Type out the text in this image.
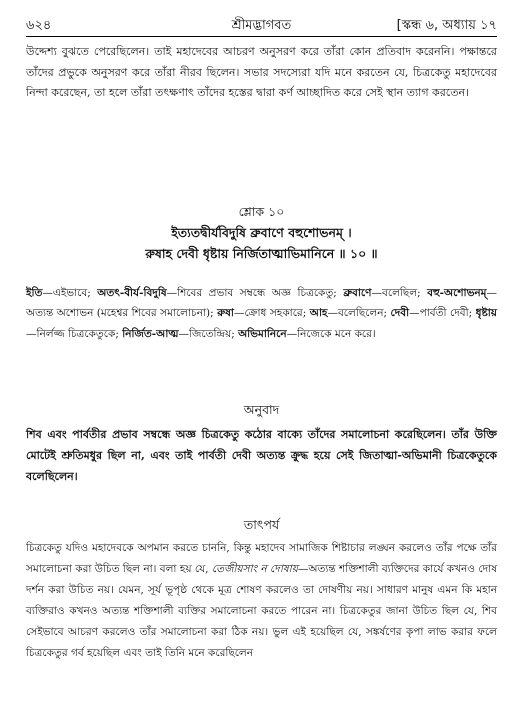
৬২৪	শ্রীমদ্ভাগবত	[স্কন্ধ ৬, অধ্যায় ১৭

উদ্দেশ্য বুঝতে পেরেছিলেন। তাই মহাদেবের আচরণ অনুসরণ করে তাঁরা কোন প্রতিবাদ করেননি। পক্ষান্তরে তাঁদের প্রভুকে অনুসরণ করে তাঁরা নীরব ছিলেন। সভার সদস্যেরা যদি মনে করতেন যে, চিত্রকেতু মহাদেবের নিন্দা করেছেন, তা হলে তাঁরা তৎক্ষণাৎ তাঁদের হস্তের দ্বারা কর্ণ আচ্ছাদিত করে সেই স্থান ত্যাগ করতেন।

শ্লোক ১০
ইত্যতদ্বীর্যবিদুষি ব্রুবাণে বহুশোভনম্ ।
রুষাহ দেবী ধৃষ্টায় নির্জিতাত্মাভিমানিনে ॥ ১০ ॥

ইতি—এইভাবে; অতৎ-বীর্য-বিদুষি—শিবের প্রভাব সম্বন্ধে অজ্ঞ চিত্রকেতু; ব্রুবাণে—বলেছিল; বহু-অশোভনম্—অত্যন্ত অশোভন (মহেশ্বর শিবের সমালোচনা); রুষা—ক্রোধ সহকারে; আহ—বলেছিলেন; দেবী—পার্বতী দেবী; ধৃষ্টায়—নির্লজ্জ চিত্রকেতুকে; নির্জিত-আত্ম—জিতেন্দ্রিয়; অভিমানিনে—নিজেকে মনে করে।

অনুবাদ

শিব এবং পার্বতীর প্রভাব সম্বন্ধে অজ্ঞ চিত্রকেতু কঠোর বাক্যে তাঁদের সমালোচনা করেছিলেন। তাঁর উক্তি মোটেই শ্রুতিমধুর ছিল না, এবং তাই পার্বতী দেবী অত্যন্ত ক্রুদ্ধ হয়ে সেই জিতাত্মা-অভিমানী চিত্রকেতুকে বলেছিলেন।

তাৎপর্য

চিত্রকেতু যদিও মহাদেবকে অপমান করতে চাননি, কিন্তু মহাদেব সামাজিক শিষ্টাচার লঙ্ঘন করলেও তাঁর পক্ষে তাঁর সমালোচনা করা উচিত ছিল না। বলা হয় যে, তেজীয়সাং ন দোষায়—অত্যন্ত শক্তিশালী ব্যক্তিদের কার্যে কখনও দোষ দর্শন করা উচিত নয়। যেমন, সূর্য ভূপৃষ্ঠ থেকে মূত্র শোষণ করলেও তা দোষণীয় নয়। সাধারণ মানুষ এমন কি মহান ব্যক্তিরাও কখনও অত্যন্ত শক্তিশালী ব্যক্তির সমালোচনা করতে পারেন না। চিত্রকেতুর জানা উচিত ছিল যে, শিব সেইভাবে আচরণ করলেও তাঁর সমালোচনা করা ঠিক নয়। ভুল এই হয়েছিল যে, সঙ্কর্ষণের কৃপা লাভ করার ফলে চিত্রকেতুর গর্ব হয়েছিল এবং তাই তিনি মনে করেছিলেন
